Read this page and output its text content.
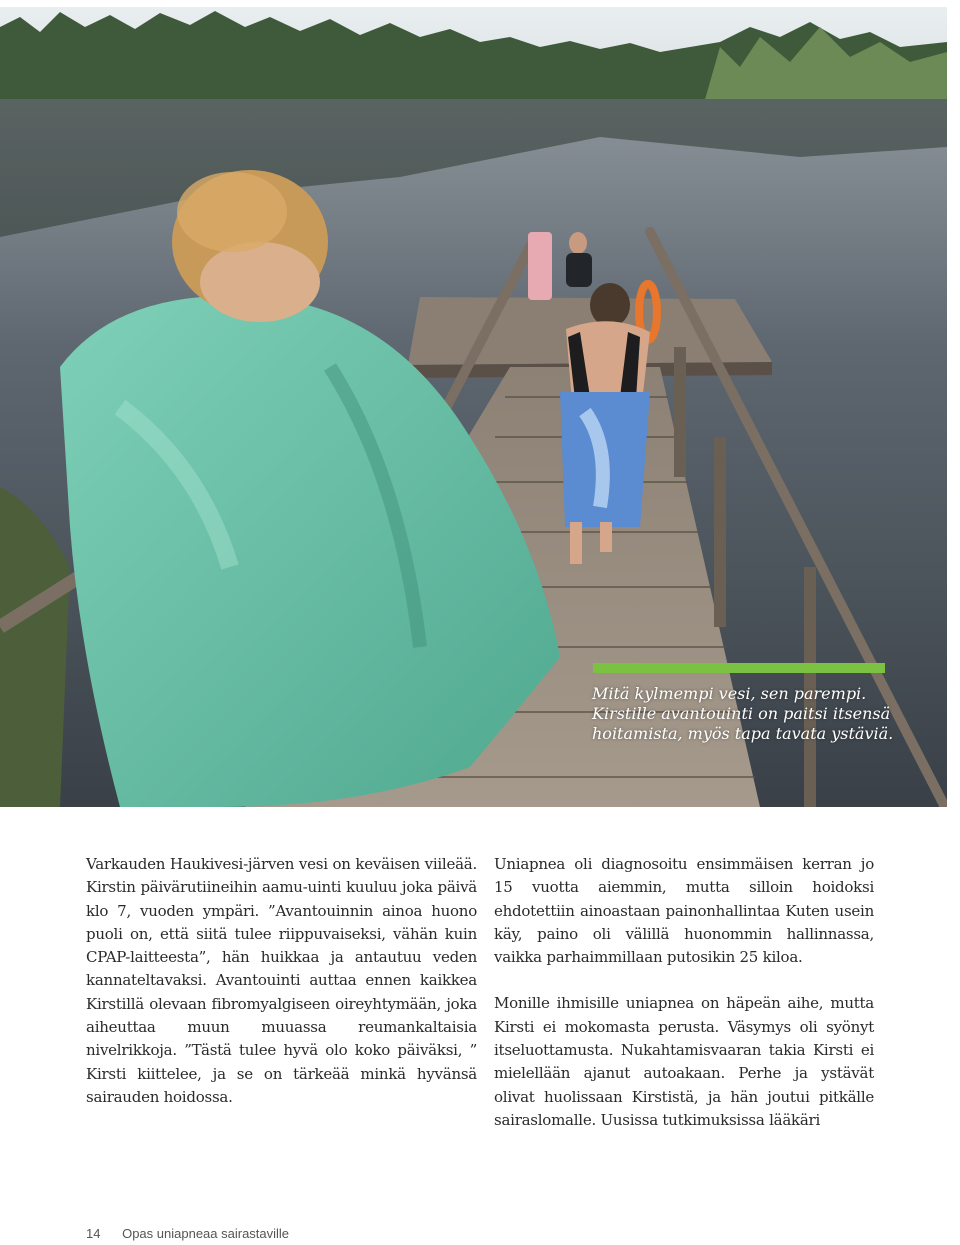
Mitä kylmempi vesi, sen parempi.
Kirstille avantouinti on paitsi itsensä
hoitamista, myös tapa tavata ystäviä.

Varkauden Haukivesi-järven vesi on keväisen viileää. Kirstin päivärutiineihin aamu-uinti kuuluu joka päivä klo 7, vuoden ympäri. ”Avantouinnin ainoa huono puoli on, että siitä tulee riippuvaiseksi, vähän kuin CPAP-laitteesta”, hän huikkaa ja antautuu veden kannateltavaksi. Avantouinti auttaa ennen kaikkea Kirstillä olevaan fibromyalgiseen oireyhtymään, joka aiheuttaa muun muuassa reumankaltaisia nivelrikkoja. ”Tästä tulee hyvä olo koko päiväksi, ” Kirsti kiittelee, ja se on tärkeää minkä hyvänsä sairauden hoidossa.

Uniapnea oli diagnosoitu ensimmäisen kerran jo 15 vuotta aiemmin, mutta silloin hoidoksi ehdotettiin ainoastaan painonhallintaa Kuten usein käy, paino oli välillä huonommin hallinnassa, vaikka parhaimmillaan putosikin 25 kiloa.

Monille ihmisille uniapnea on häpeän aihe, mutta Kirsti ei mokomasta perusta. Väsymys oli syönyt itseluottamusta. Nukahtamisvaaran takia Kirsti ei mielellään ajanut autoakaan. Perhe ja ystävät olivat huolissaan Kirstistä, ja hän joutui pitkälle sairaslomalle. Uusissa tutkimuksissa lääkäri

14 Opas uniapneaa sairastaville
